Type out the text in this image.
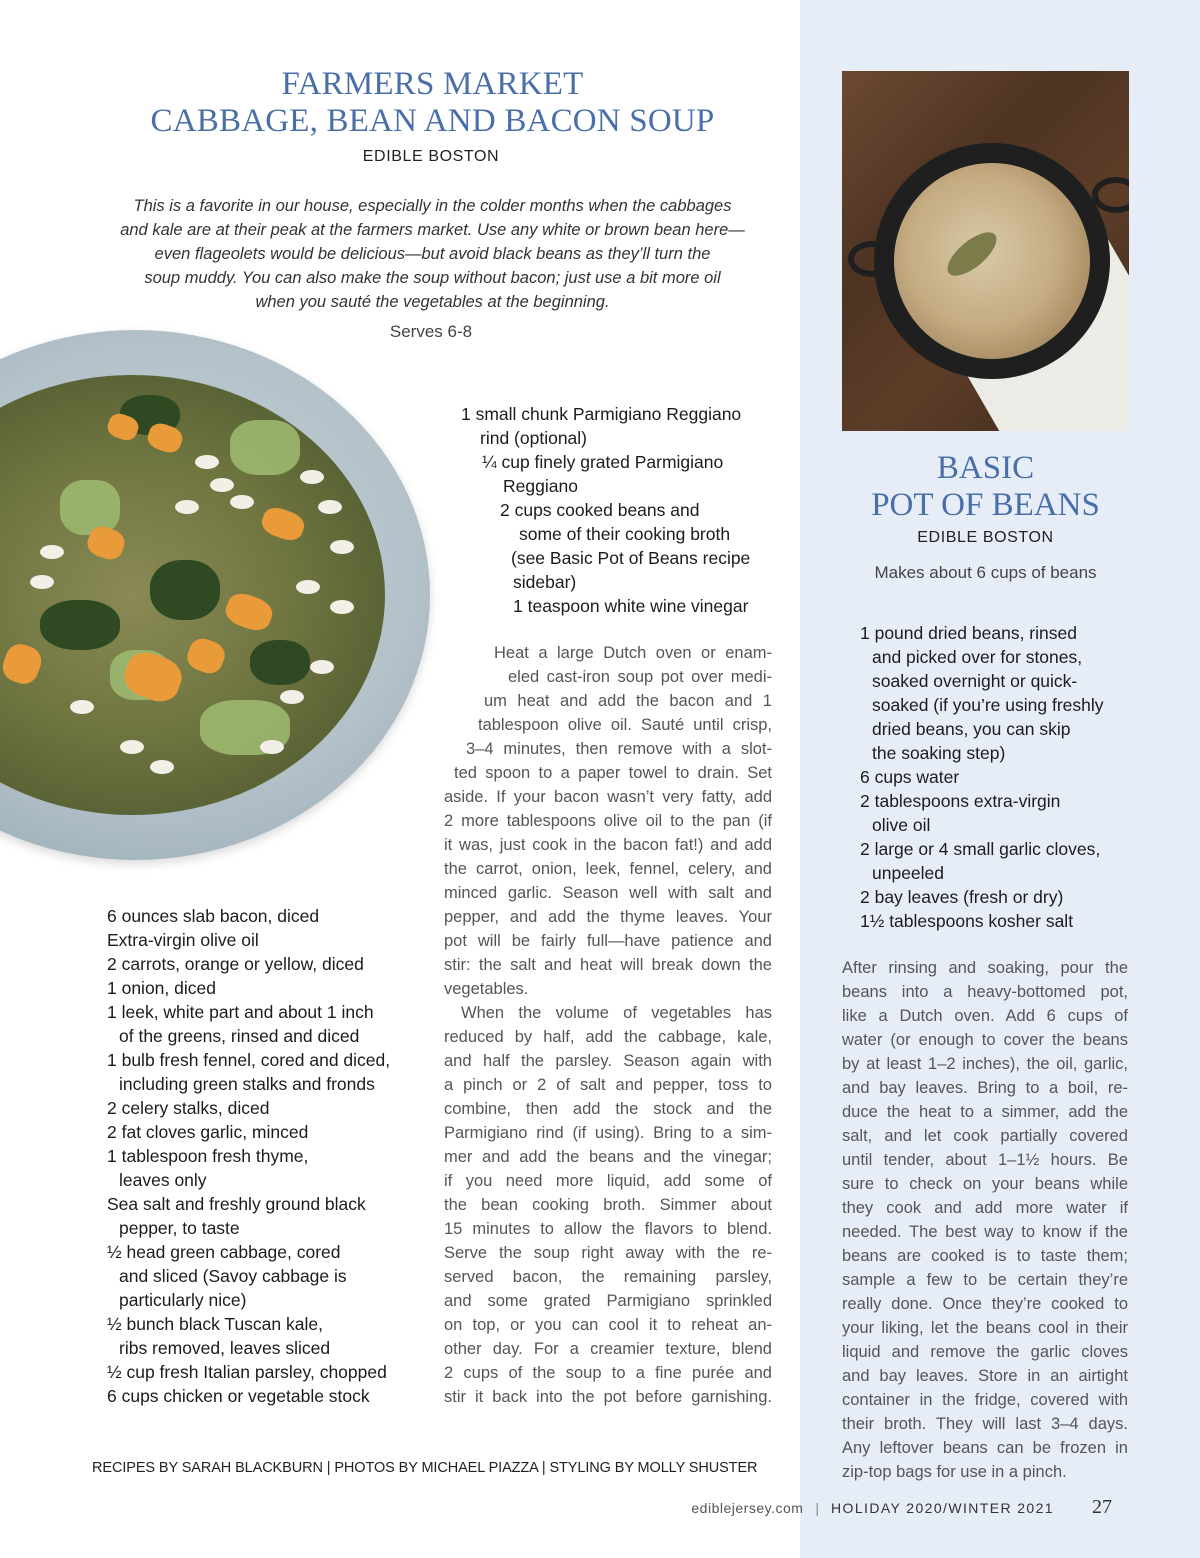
FARMERS MARKET
CABBAGE, BEAN AND BACON SOUP
EDIBLE BOSTON
This is a favorite in our house, especially in the colder months when the cabbages
and kale are at their peak at the farmers market. Use any white or brown bean here—
even flageolets would be delicious—but avoid black beans as they’ll turn the
soup muddy. You can also make the soup without bacon; just use a bit more oil
when you sauté the vegetables at the beginning.
Serves 6-8
1 small chunk Parmigiano Reggiano
rind (optional)
¼ cup finely grated Parmigiano
Reggiano
2 cups cooked beans and
some of their cooking broth
(see Basic Pot of Beans recipe
sidebar)
1 teaspoon white wine vinegar
6 ounces slab bacon, diced
Extra-virgin olive oil
2 carrots, orange or yellow, diced
1 onion, diced
1 leek, white part and about 1 inch
of the greens, rinsed and diced
1 bulb fresh fennel, cored and diced,
including green stalks and fronds
2 celery stalks, diced
2 fat cloves garlic, minced
1 tablespoon fresh thyme,
leaves only
Sea salt and freshly ground black
pepper, to taste
½ head green cabbage, cored
and sliced (Savoy cabbage is
particularly nice)
½ bunch black Tuscan kale,
ribs removed, leaves sliced
½ cup fresh Italian parsley, chopped
6 cups chicken or vegetable stock
Heat a large Dutch oven or enam-
eled cast-iron soup pot over medi-
um heat and add the bacon and 1
tablespoon olive oil. Sauté until crisp,
3–4 minutes, then remove with a slot-
ted spoon to a paper towel to drain. Set
aside. If your bacon wasn’t very fatty, add
2 more tablespoons olive oil to the pan (if
it was, just cook in the bacon fat!) and add
the carrot, onion, leek, fennel, celery, and
minced garlic. Season well with salt and
pepper, and add the thyme leaves. Your
pot will be fairly full—have patience and
stir: the salt and heat will break down the
vegetables.
When the volume of vegetables has
reduced by half, add the cabbage, kale,
and half the parsley. Season again with
a pinch or 2 of salt and pepper, toss to
combine, then add the stock and the
Parmigiano rind (if using). Bring to a sim-
mer and add the beans and the vinegar;
if you need more liquid, add some of
the bean cooking broth. Simmer about
15 minutes to allow the flavors to blend.
Serve the soup right away with the re-
served bacon, the remaining parsley,
and some grated Parmigiano sprinkled
on top, or you can cool it to reheat an-
other day. For a creamier texture, blend
2 cups of the soup to a fine purée and
stir it back into the pot before garnishing.
BASIC
POT OF BEANS
EDIBLE BOSTON
Makes about 6 cups of beans
1 pound dried beans, rinsed
and picked over for stones,
soaked overnight or quick-
soaked (if you’re using freshly
dried beans, you can skip
the soaking step)
6 cups water
2 tablespoons extra-virgin
olive oil
2 large or 4 small garlic cloves,
unpeeled
2 bay leaves (fresh or dry)
1½ tablespoons kosher salt
After rinsing and soaking, pour the
beans into a heavy-bottomed pot,
like a Dutch oven. Add 6 cups of
water (or enough to cover the beans
by at least 1–2 inches), the oil, garlic,
and bay leaves. Bring to a boil, re-
duce the heat to a simmer, add the
salt, and let cook partially covered
until tender, about 1–1½ hours. Be
sure to check on your beans while
they cook and add more water if
needed. The best way to know if the
beans are cooked is to taste them;
sample a few to be certain they’re
really done. Once they’re cooked to
your liking, let the beans cool in their
liquid and remove the garlic cloves
and bay leaves. Store in an airtight
container in the fridge, covered with
their broth. They will last 3–4 days.
Any leftover beans can be frozen in
zip-top bags for use in a pinch.
RECIPES BY SARAH BLACKBURN | PHOTOS BY MICHAEL PIAZZA | STYLING BY MOLLY SHUSTER
ediblejersey.com | HOLIDAY 2020/WINTER 2021 27
